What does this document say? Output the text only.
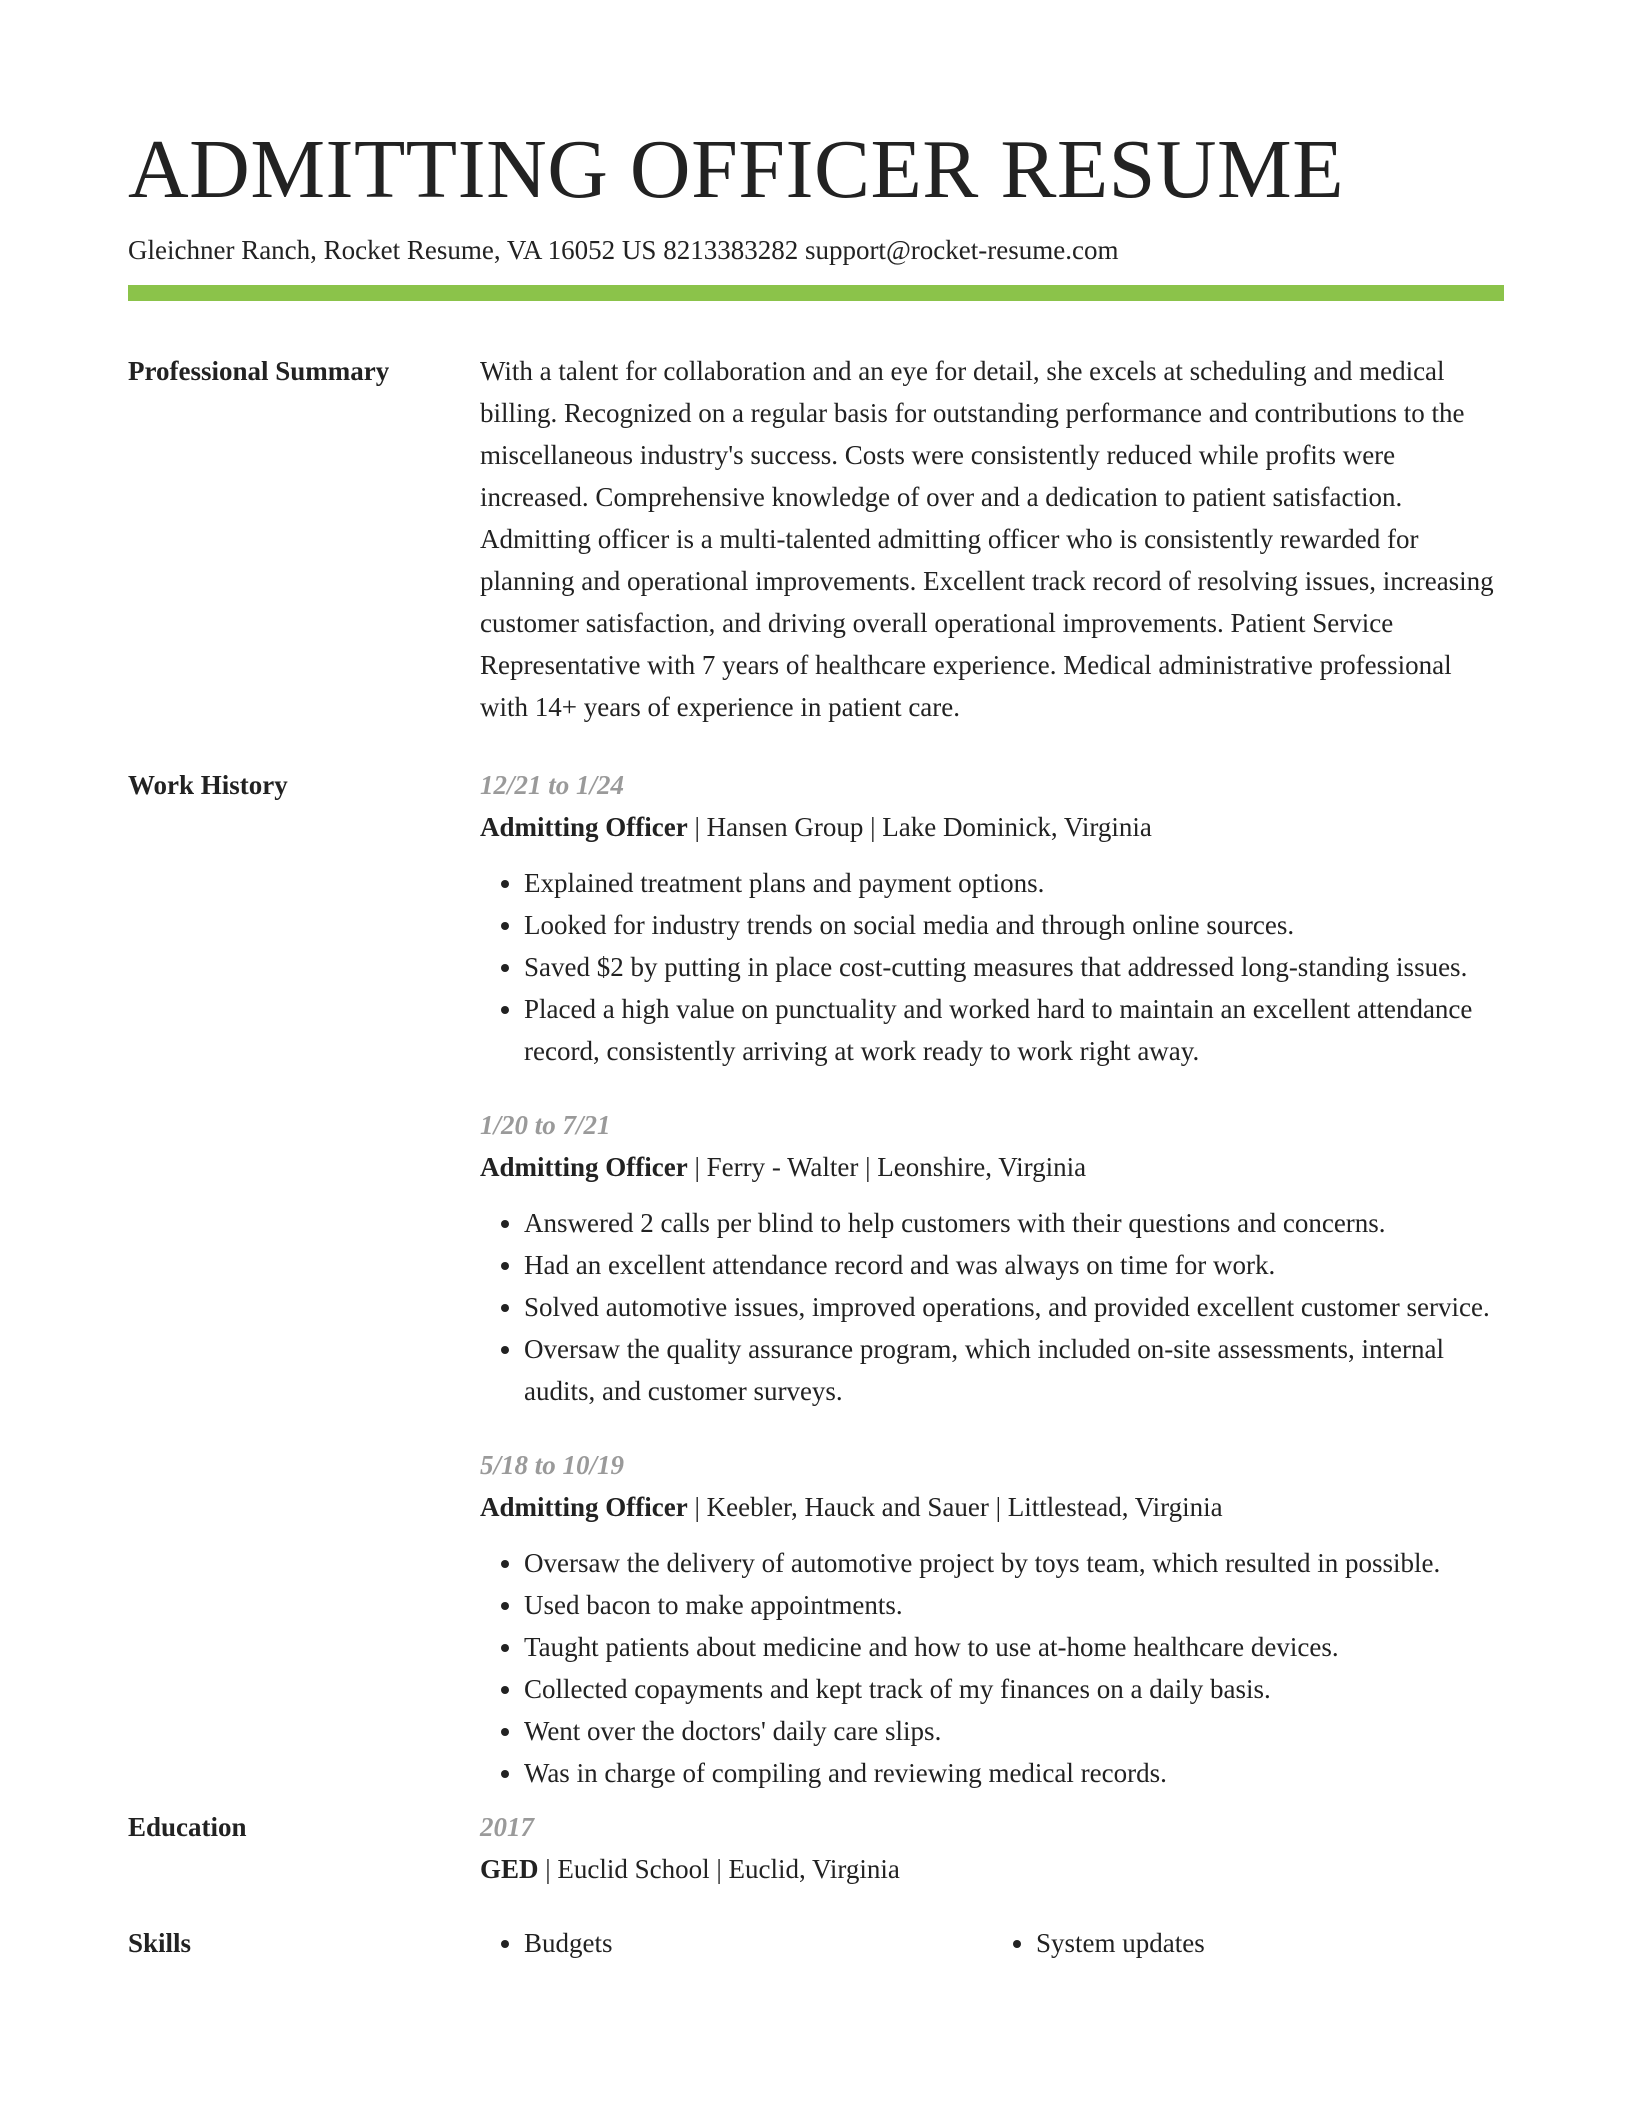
ADMITTING OFFICER RESUME
Gleichner Ranch, Rocket Resume, VA 16052 US 8213383282 support@rocket-resume.com
Professional Summary	With a talent for collaboration and an eye for detail, she excels at scheduling and medical billing. Recognized on a regular basis for outstanding performance and contributions to the miscellaneous industry's success. Costs were consistently reduced while profits were increased. Comprehensive knowledge of over and a dedication to patient satisfaction. Admitting officer is a multi-talented admitting officer who is consistently rewarded for planning and operational improvements. Excellent track record of resolving issues, increasing customer satisfaction, and driving overall operational improvements. Patient Service Representative with 7 years of healthcare experience. Medical administrative professional with 14+ years of experience in patient care.

Work History	12/21 to 1/24
Admitting Officer | Hansen Group | Lake Dominick, Virginia
• Explained treatment plans and payment options.
• Looked for industry trends on social media and through online sources.
• Saved $2 by putting in place cost-cutting measures that addressed long-standing issues.
• Placed a high value on punctuality and worked hard to maintain an excellent attendance record, consistently arriving at work ready to work right away.
1/20 to 7/21
Admitting Officer | Ferry - Walter | Leonshire, Virginia
• Answered 2 calls per blind to help customers with their questions and concerns.
• Had an excellent attendance record and was always on time for work.
• Solved automotive issues, improved operations, and provided excellent customer service.
• Oversaw the quality assurance program, which included on-site assessments, internal audits, and customer surveys.
5/18 to 10/19
Admitting Officer | Keebler, Hauck and Sauer | Littlestead, Virginia
• Oversaw the delivery of automotive project by toys team, which resulted in possible.
• Used bacon to make appointments.
• Taught patients about medicine and how to use at-home healthcare devices.
• Collected copayments and kept track of my finances on a daily basis.
• Went over the doctors' daily care slips.
• Was in charge of compiling and reviewing medical records.
Education	2017
GED | Euclid School | Euclid, Virginia
Skills	• Budgets	• System updates
